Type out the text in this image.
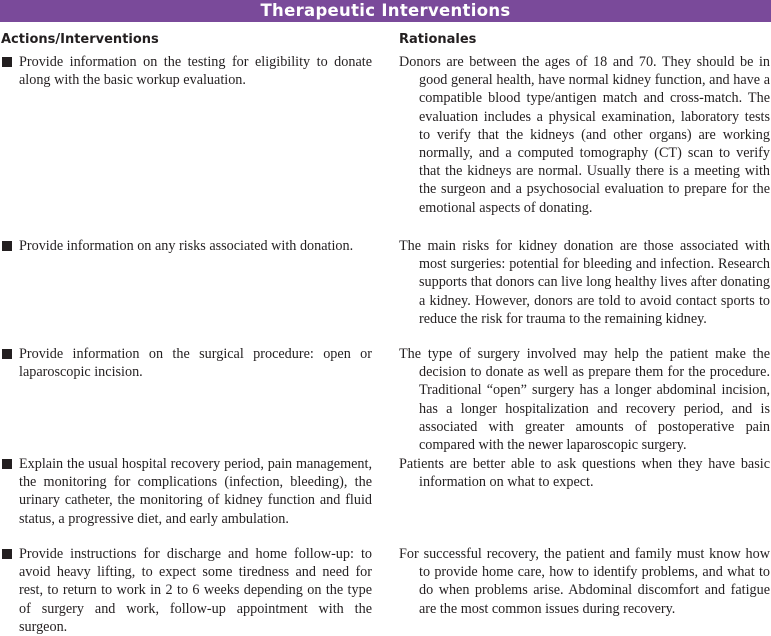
Therapeutic Interventions
Actions/Interventions	Rationales
Provide information on the testing for eligibility to donate along with the basic workup evaluation.
Donors are between the ages of 18 and 70. They should be in good general health, have normal kidney function, and have a compatible blood type/antigen match and cross-match. The evaluation includes a physical examination, laboratory tests to verify that the kidneys (and other organs) are working normally, and a computed tomography (CT) scan to verify that the kidneys are normal. Usually there is a meeting with the surgeon and a psychosocial evaluation to prepare for the emotional aspects of donating.
Provide information on any risks associated with donation.	The main risks for kidney donation are those associated with most surgeries: potential for bleeding and infection. Research supports that donors can live long healthy lives after donating a kidney. However, donors are told to avoid contact sports to reduce the risk for trauma to the remaining kidney.
Provide information on the surgical procedure: open or laparoscopic incision.
The type of surgery involved may help the patient make the decision to donate as well as prepare them for the procedure. Traditional “open” surgery has a longer abdominal incision, has a longer hospitalization and recovery period, and is associated with greater amounts of postoperative pain compared with the newer laparoscopic surgery.
Explain the usual hospital recovery period, pain management, the monitoring for complications (infection, bleeding), the urinary catheter, the monitoring of kidney function and fluid status, a progressive diet, and early ambulation.
Patients are better able to ask questions when they have basic information on what to expect.
Provide instructions for discharge and home follow-up: to avoid heavy lifting, to expect some tiredness and need for rest, to return to work in 2 to 6 weeks depending on the type of surgery and work, follow-up appointment with the surgeon.
For successful recovery, the patient and family must know how to provide home care, how to identify problems, and what to do when problems arise. Abdominal discomfort and fatigue are the most common issues during recovery.
